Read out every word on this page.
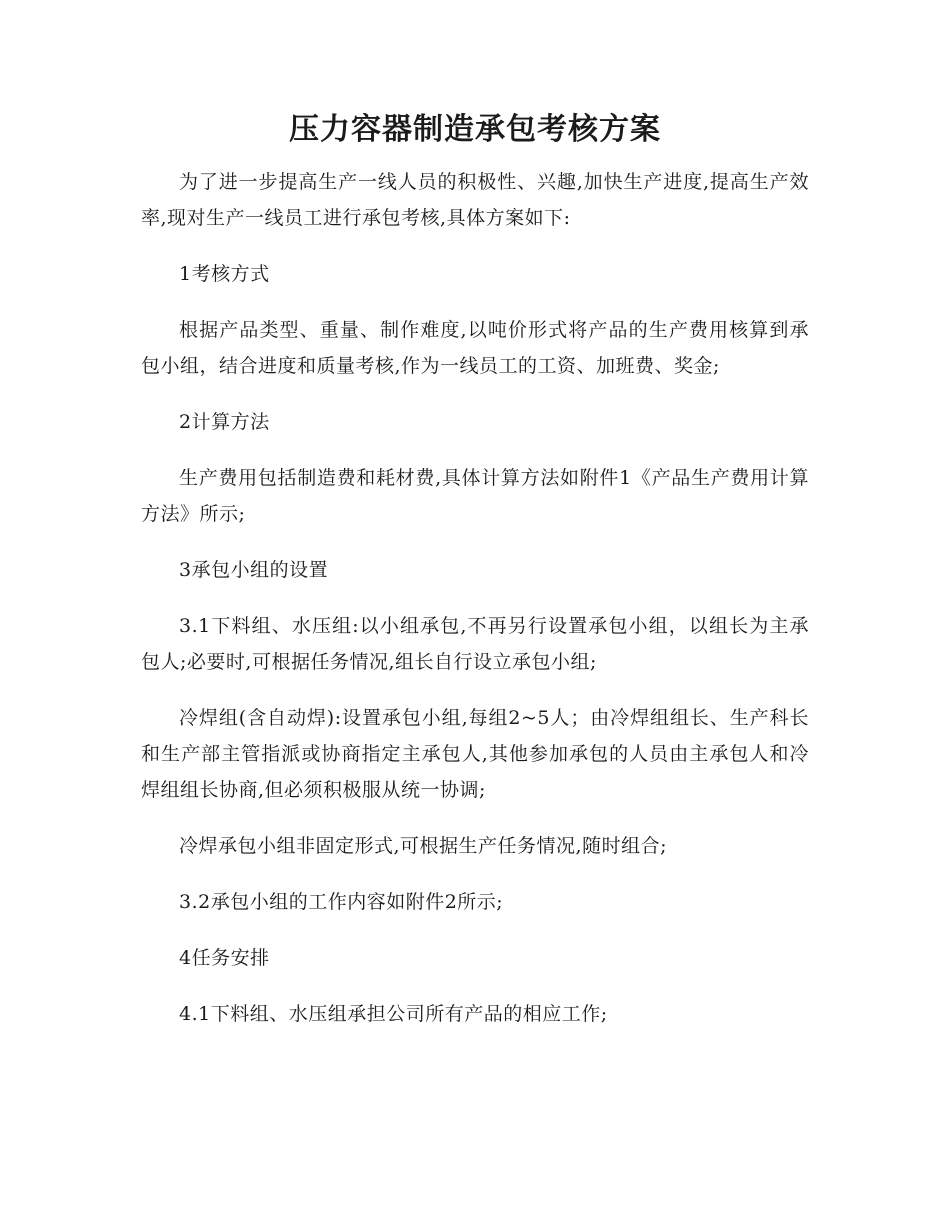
压力容器制造承包考核方案

为了进一步提高生产一线人员的积极性、兴趣,加快生产进度,提高生产效率,现对生产一线员工进行承包考核,具体方案如下:

1考核方式

根据产品类型、重量、制作难度,以吨价形式将产品的生产费用核算到承包小组，结合进度和质量考核,作为一线员工的工资、加班费、奖金;

2计算方法

生产费用包括制造费和耗材费,具体计算方法如附件1《产品生产费用计算方法》所示;

3承包小组的设置

3.1下料组、水压组:以小组承包,不再另行设置承包小组，以组长为主承包人;必要时,可根据任务情况,组长自行设立承包小组;

冷焊组(含自动焊):设置承包小组,每组2~5人；由冷焊组组长、生产科长和生产部主管指派或协商指定主承包人,其他参加承包的人员由主承包人和冷焊组组长协商,但必须积极服从统一协调;

冷焊承包小组非固定形式,可根据生产任务情况,随时组合;

3.2承包小组的工作内容如附件2所示;

4任务安排

4.1下料组、水压组承担公司所有产品的相应工作;
